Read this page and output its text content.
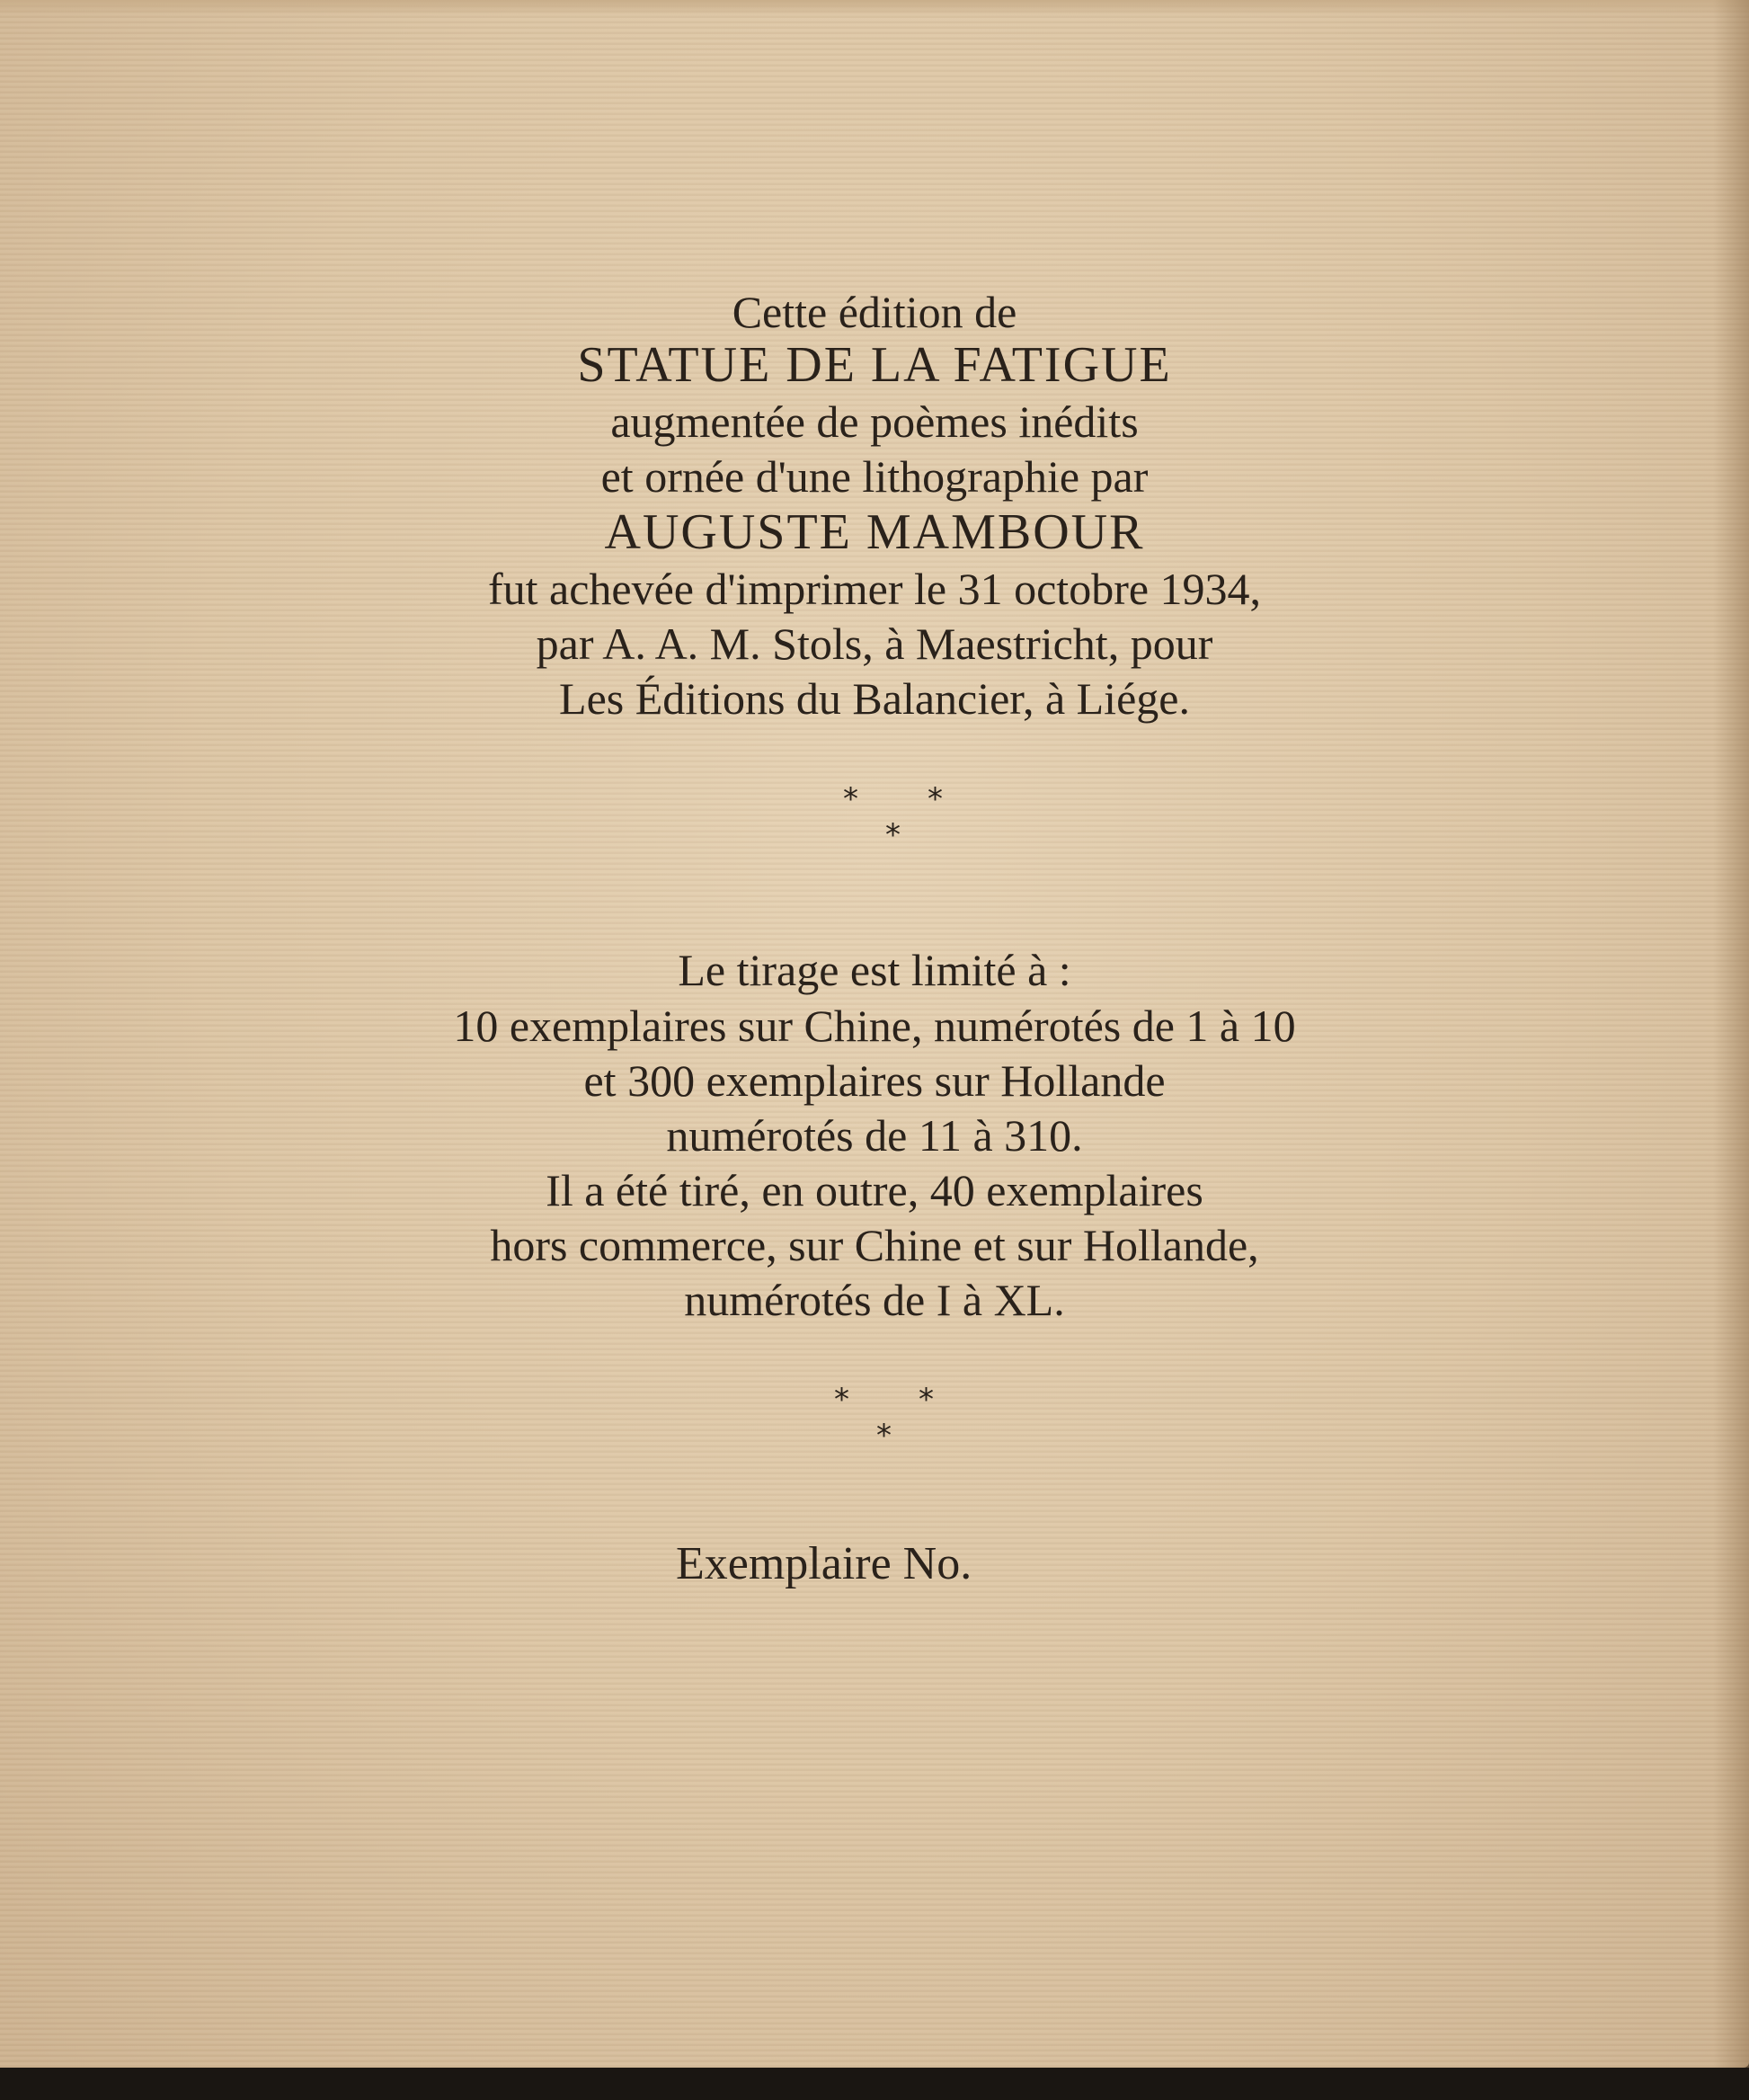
Cette édition de

STATUE DE LA FATIGUE

augmentée de poèmes inédits

et ornée d'une lithographie par

AUGUSTE MAMBOUR

fut achevée d'imprimer le 31 octobre 1934,

par A. A. M. Stols, à Maestricht, pour

Les Éditions du Balancier, à Liége.

* *
*

Le tirage est limité à :

10 exemplaires sur Chine, numérotés de 1 à 10

et 300 exemplaires sur Hollande

numérotés de 11 à 310.

Il a été tiré, en outre, 40 exemplaires

hors commerce, sur Chine et sur Hollande,

numérotés de I à XL.

* *
*
Exemplaire No.
